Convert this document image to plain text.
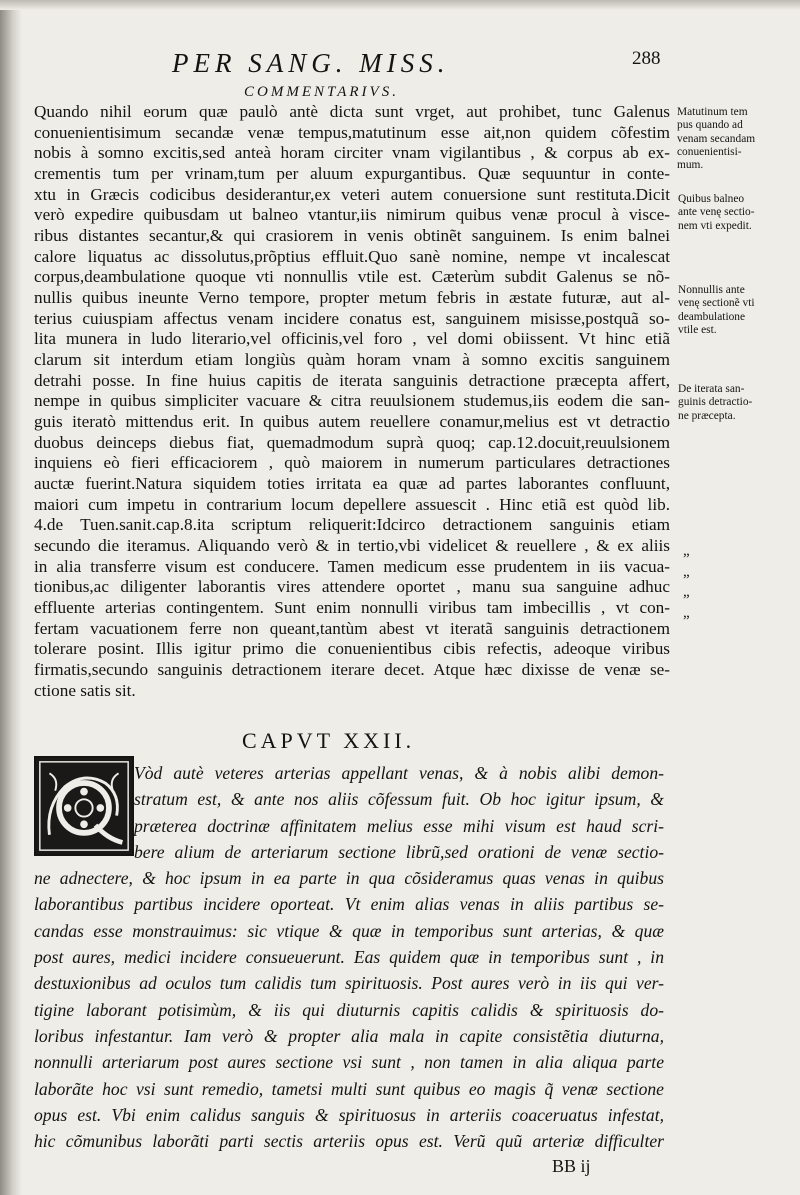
PER SANG. MISS.	288
COMMENTARIVS.
Quando nihil eorum quæ paulò antè dicta sunt vrget, aut prohibet, tunc Galenus
conuenientisimum secandæ venæ tempus,matutinum esse ait,non quidem cõfestim
nobis à somno excitis,sed anteà horam circiter vnam vigilantibus , & corpus ab ex-
crementis tum per vrinam,tum per aluum expurgantibus. Quæ sequuntur in conte-
xtu in Græcis codicibus desiderantur,ex veteri autem conuersione sunt restituta.Dicit
verò expedire quibusdam ut balneo vtantur,iis nimirum quibus venæ procul à visce-
ribus distantes secantur,& qui crasiorem in venis obtinẽt sanguinem. Is enim balnei
calore liquatus ac dissolutus,prõptius effluit.Quo sanè nomine, nempe vt incalescat
corpus,deambulatione quoque vti nonnullis vtile est. Cæterùm subdit Galenus se nõ-
nullis quibus ineunte Verno tempore, propter metum febris in æstate futuræ, aut al-
terius cuiuspiam affectus venam incidere conatus est, sanguinem misisse,postquã so-
lita munera in ludo literario,vel officinis,vel foro , vel domi obiissent. Vt hinc etiã
clarum sit interdum etiam longiùs quàm horam vnam à somno excitis sanguinem
detrahi posse. In fine huius capitis de iterata sanguinis detractione præcepta affert,
nempe in quibus simpliciter vacuare & citra reuulsionem studemus,iis eodem die san-
guis iteratò mittendus erit. In quibus autem reuellere conamur,melius est vt detractio
duobus deinceps diebus fiat, quemadmodum suprà quoq; cap.12.docuit,reuulsionem
inquiens eò fieri efficaciorem , quò maiorem in numerum particulares detractiones
auctæ fuerint.Natura siquidem toties irritata ea quæ ad partes laborantes confluunt,
maiori cum impetu in contrarium locum depellere assuescit . Hinc etiã est quòd lib.
4.de Tuen.sanit.cap.8.ita scriptum reliquerit:Idcirco detractionem sanguinis etiam
secundo die iteramus. Aliquando verò & in tertio,vbi videlicet & reuellere , & ex aliis
in alia transferre visum est conducere. Tamen medicum esse prudentem in iis vacua-
tionibus,ac diligenter laborantis vires attendere oportet , manu sua sanguine adhuc
effluente arterias contingentem. Sunt enim nonnulli viribus tam imbecillis , vt con-
fertam vacuationem ferre non queant,tantùm abest vt iteratã sanguinis detractionem
tolerare posint. Illis igitur primo die conuenientibus cibis refectis, adeoque viribus
firmatis,secundo sanguinis detractionem iterare decet. Atque hæc dixisse de venæ se-
ctione satis sit.
Matutinum tem
pus quando ad
venam secandam
conuenientisi-
mum.
Quibus balneo
ante venę sectio-
nem vti expedit.
Nonnullis ante
venę sectionẽ vti
deambulatione
vtile est.
De iterata san-
guinis detractio-
ne præcepta.
„
„
„
„
CAPVT XXII.
Vòd autè veteres arterias appellant venas, & à nobis alibi demon-
stratum est, & ante nos aliis cõfessum fuit. Ob hoc igitur ipsum, &
præterea doctrinæ affinitatem melius esse mihi visum est haud scri-
bere alium de arteriarum sectione librũ,sed orationi de venæ sectio-
ne adnectere, & hoc ipsum in ea parte in qua cõsideramus quas venas in quibus
laborantibus partibus incidere oporteat. Vt enim alias venas in aliis partibus se-
candas esse monstrauimus: sic vtique & quæ in temporibus sunt arterias, & quæ
post aures, medici incidere consueuerunt. Eas quidem quæ in temporibus sunt , in
destuxionibus ad oculos tum calidis tum spirituosis. Post aures verò in iis qui ver-
tigine laborant potisimùm, & iis qui diuturnis capitis calidis & spirituosis do-
loribus infestantur. Iam verò & propter alia mala in capite consistẽtia diuturna,
nonnulli arteriarum post aures sectione vsi sunt , non tamen in alia aliqua parte
laborãte hoc vsi sunt remedio, tametsi multi sunt quibus eo magis q̃ venæ sectione
opus est. Vbi enim calidus sanguis & spirituosus in arteriis coaceruatus infestat,
hic cõmunibus laborãti parti sectis arteriis opus est. Verũ quũ arteriæ difficulter
BB ij
